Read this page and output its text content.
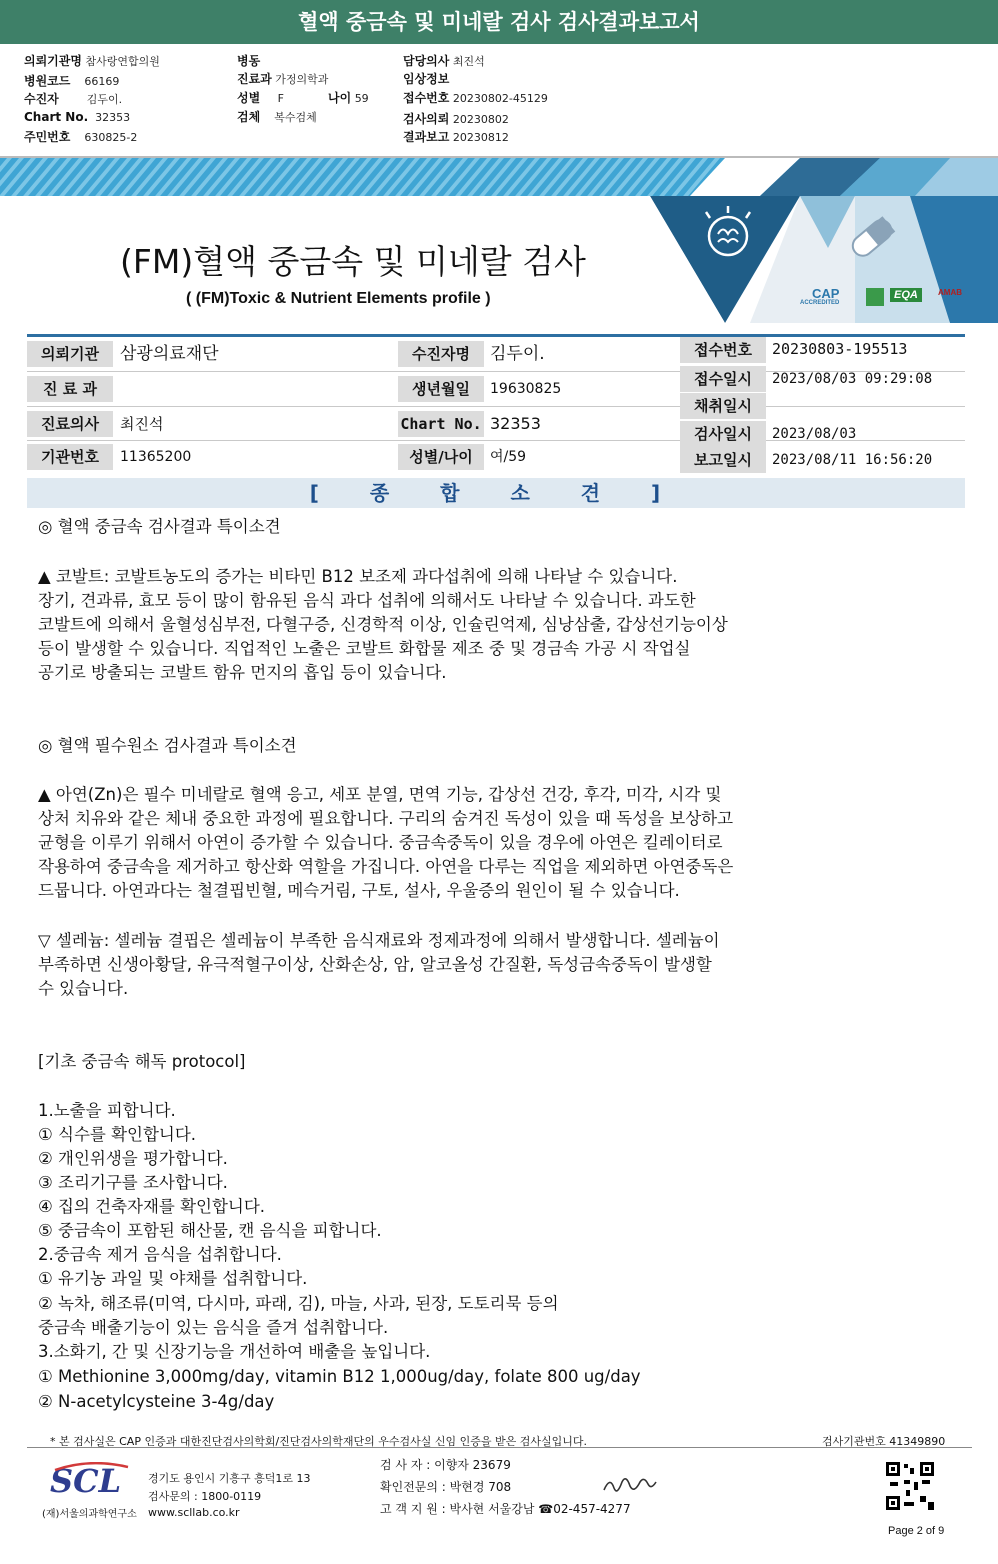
혈액 중금속 및 미네랄 검사 검사결과보고서
의뢰기관명 참사랑연합의원
병원코드 66169
수진자	김두이.
Chart No. 32353
주민번호 630825-2
병동
진료과 가정의학과
성별 F	나이 59
검체 복수검체
담당의사 최진석
임상정보
접수번호 20230802-45129
검사의뢰 20230802
결과보고 20230812
CAP
ACCREDITED
EQA	AMAB
(FM)혈액 중금속 및 미네랄 검사
( (FM)Toxic & Nutrient Elements profile )
의뢰기관	삼광의료재단
진 료 과
진료의사	최진석
기관번호	11365200
수진자명	김두이.
생년월일	19630825
Chart No. 32353
성별/나이	여/59
접수번호	20230803-195513
접수일시	2023/08/03 09:29:08
채취일시
검사일시	2023/08/03
보고일시	2023/08/11 16:56:20
[ 종 합 소 견 ]
◎ 혈액 중금속 검사결과 특이소견
▲ 코발트: 코발트농도의 증가는 비타민 B12 보조제 과다섭취에 의해 나타날 수 있습니다.
장기, 견과류, 효모 등이 많이 함유된 음식 과다 섭취에 의해서도 나타날 수 있습니다. 과도한
코발트에 의해서 울혈성심부전, 다혈구증, 신경학적 이상, 인슐린억제, 심낭삼출, 갑상선기능이상
등이 발생할 수 있습니다. 직업적인 노출은 코발트 화합물 제조 중 및 경금속 가공 시 작업실
공기로 방출되는 코발트 함유 먼지의 흡입 등이 있습니다.
◎ 혈액 필수원소 검사결과 특이소견
▲ 아연(Zn)은 필수 미네랄로 혈액 응고, 세포 분열, 면역 기능, 갑상선 건강, 후각, 미각, 시각 및
상처 치유와 같은 체내 중요한 과정에 필요합니다. 구리의 숨겨진 독성이 있을 때 독성을 보상하고
균형을 이루기 위해서 아연이 증가할 수 있습니다. 중금속중독이 있을 경우에 아연은 킬레이터로
작용하여 중금속을 제거하고 항산화 역할을 가집니다. 아연을 다루는 직업을 제외하면 아연중독은
드뭅니다. 아연과다는 철결핍빈혈, 메슥거림, 구토, 설사, 우울증의 원인이 될 수 있습니다.
▽ 셀레늄: 셀레늄 결핍은 셀레늄이 부족한 음식재료와 정제과정에 의해서 발생합니다. 셀레늄이
부족하면 신생아황달, 유극적혈구이상, 산화손상, 암, 알코올성 간질환, 독성금속중독이 발생할
수 있습니다.
[기초 중금속 해독 protocol]
1.노출을 피합니다.
① 식수를 확인합니다.
② 개인위생을 평가합니다.
③ 조리기구를 조사합니다.
④ 집의 건축자재를 확인합니다.
⑤ 중금속이 포함된 해산물, 캔 음식을 피합니다.
2.중금속 제거 음식을 섭취합니다.
① 유기농 과일 및 야채를 섭취합니다.
② 녹차, 해조류(미역, 다시마, 파래, 김), 마늘, 사과, 된장, 도토리묵 등의
중금속 배출기능이 있는 음식을 즐겨 섭취합니다.
3.소화기, 간 및 신장기능을 개선하여 배출을 높입니다.
① Methionine 3,000mg/day, vitamin B12 1,000ug/day, folate 800 ug/day
② N-acetylcysteine 3-4g/day
* 본 검사실은 CAP 인증과 대한진단검사의학회/진단검사의학재단의 우수검사실 신임 인증을 받은 검사실입니다.	검사기관번호 41349890
SCL
(재)서울의과학연구소
경기도 용인시 기흥구 흥덕1로 13
검사문의 : 1800-0119
www.scllab.co.kr
검 사 자 : 이향자 23679
확인전문의 : 박현경 708
고 객 지 원 : 박사현 서울강남 ☎02-457-4277
Page 2 of 9
